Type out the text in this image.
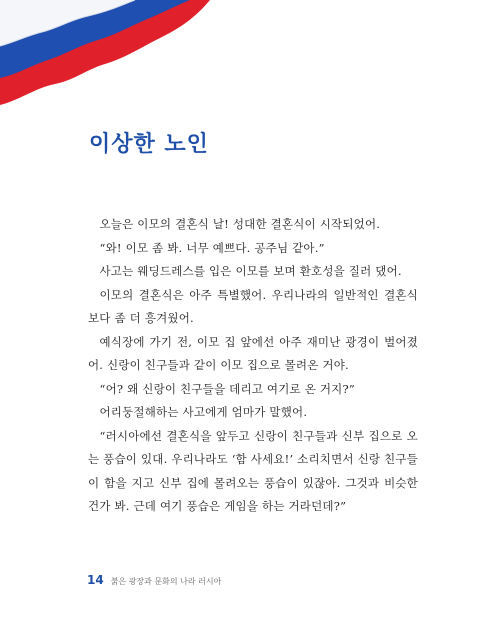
이상한 노인

오늘은 이모의 결혼식 날! 성대한 결혼식이 시작되었어.

“와! 이모 좀 봐. 너무 예쁘다. 공주님 같아.”

사고는 웨딩드레스를 입은 이모를 보며 환호성을 질러 댔어.

이모의 결혼식은 아주 특별했어. 우리나라의 일반적인 결혼식보다 좀 더 흥겨웠어.

예식장에 가기 전, 이모 집 앞에선 아주 재미난 광경이 벌어졌어. 신랑이 친구들과 같이 이모 집으로 몰려온 거야.

“어? 왜 신랑이 친구들을 데리고 여기로 온 거지?”

어리둥절해하는 사고에게 엄마가 말했어.

“러시아에선 결혼식을 앞두고 신랑이 친구들과 신부 집으로 오는 풍습이 있대. 우리나라도 ‘함 사세요!’ 소리치면서 신랑 친구들이 함을 지고 신부 집에 몰려오는 풍습이 있잖아. 그것과 비슷한 건가 봐. 근데 여기 풍습은 게임을 하는 거라던데?”

14 붉은 광장과 문화의 나라 러시아
